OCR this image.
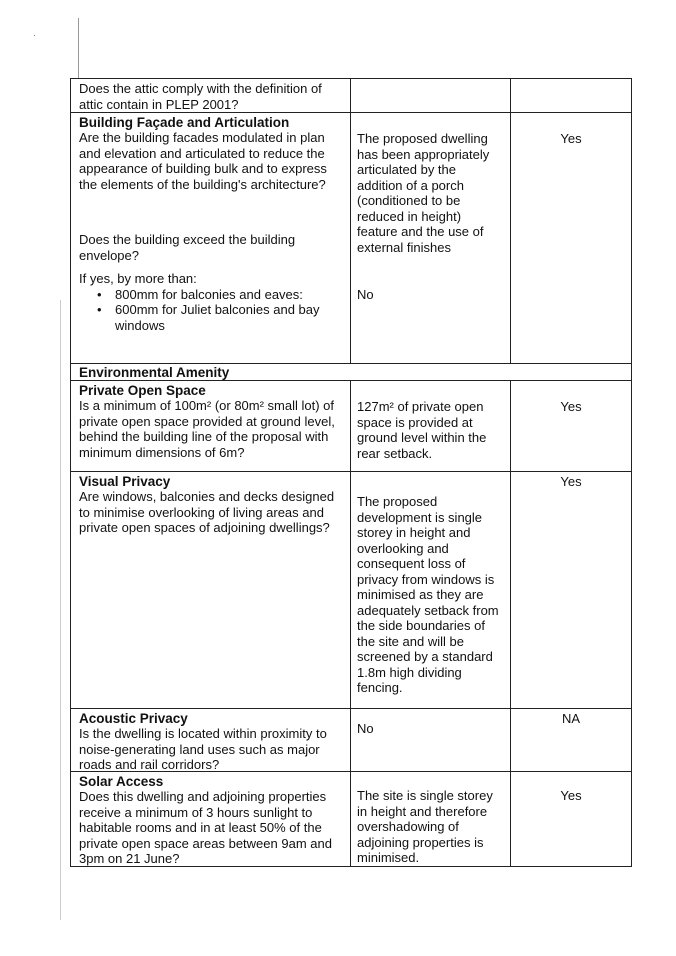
·
Does the attic comply with the definition of attic contain in PLEP 2001?
Building Façade and Articulation
Are the building facades modulated in plan and elevation and articulated to reduce the appearance of building bulk and to express the elements of the building's architecture?
Does the building exceed the building envelope?
If yes, by more than:
• 800mm for balconies and eaves:
• 600mm for Juliet balconies and bay windows
The proposed dwelling has been appropriately articulated by the addition of a porch (conditioned to be reduced in height) feature and the use of external finishes
No
Yes
Environmental Amenity
Private Open Space
Is a minimum of 100m² (or 80m² small lot) of private open space provided at ground level, behind the building line of the proposal with minimum dimensions of 6m?
127m² of private open space is provided at ground level within the rear setback.
Yes
Visual Privacy
Are windows, balconies and decks designed to minimise overlooking of living areas and private open spaces of adjoining dwellings?
The proposed development is single storey in height and overlooking and consequent loss of privacy from windows is minimised as they are adequately setback from the side boundaries of the site and will be screened by a standard 1.8m high dividing fencing.
Yes
Acoustic Privacy
Is the dwelling is located within proximity to noise-generating land uses such as major roads and rail corridors?
No
NA
Solar Access
Does this dwelling and adjoining properties receive a minimum of 3 hours sunlight to habitable rooms and in at least 50% of the private open space areas between 9am and 3pm on 21 June?
The site is single storey in height and therefore overshadowing of adjoining properties is minimised.
Yes
